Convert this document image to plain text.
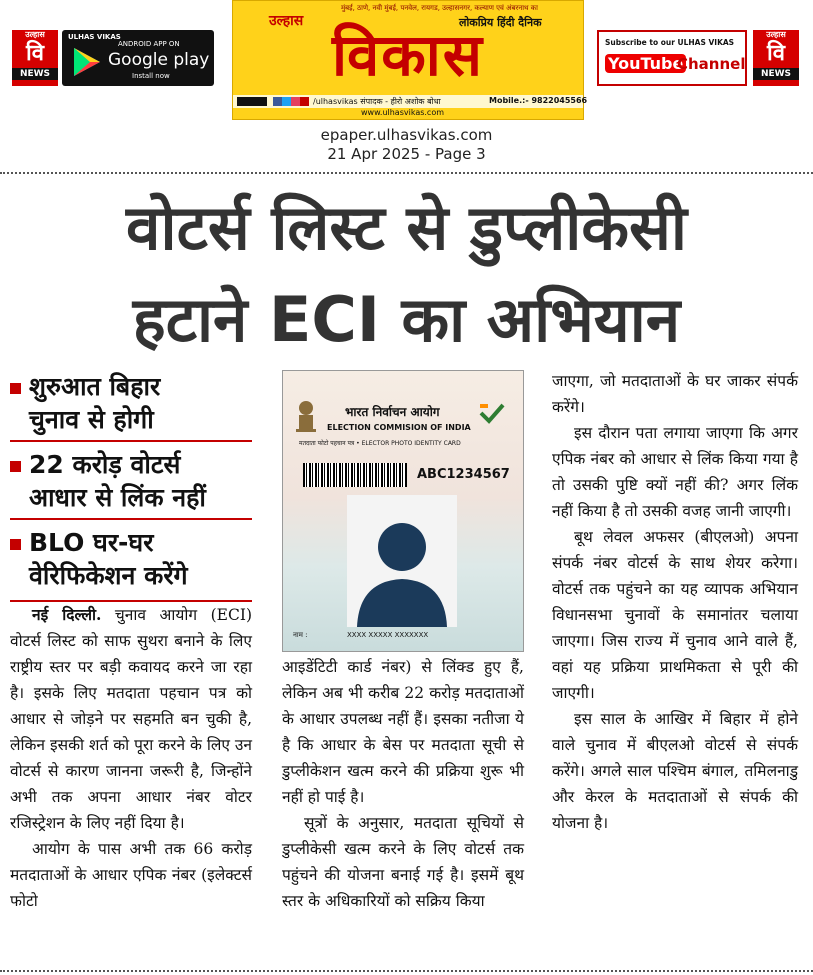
उल्हास
वि
NEWS
ULHAS VIKAS
ANDROID APP ON
Google play
Install now
मुंबई, ठाणे, नवी मुंबई, पनवेल, रायगड, उल्हासनगर, कल्याण एवं अंबरनाथ का
लोकप्रिय हिंदी दैनिक
उल्हास विकास
/ulhasvikas संपादक - हीरो अशोक बोधा	Mobile.:- 9822045566
www.ulhasvikas.com
Subscribe to our ULHAS VIKAS
YouTube
Channel
उल्हास
वि
NEWS
epaper.ulhasvikas.com
21 Apr 2025 - Page 3
वोटर्स लिस्ट से डुप्लीकेसी
हटाने ECI का अभियान
शुरुआत बिहार
चुनाव से होगी
22 करोड़ वोटर्स
आधार से लिंक नहीं
BLO घर-घर
वेरिफिकेशन करेंगे

नई दिल्ली. चुनाव आयोग (ECI) वोटर्स लिस्ट को साफ सुथरा बनाने के लिए राष्ट्रीय स्तर पर बड़ी कवायद करने जा रहा है। इसके लिए मतदाता पहचान पत्र को आधार से जोड़ने पर सहमति बन चुकी है, लेकिन इसकी शर्त को पूरा करने के लिए उन वोटर्स से कारण जानना जरूरी है, जिन्होंने अभी तक अपना आधार नंबर वोटर रजिस्ट्रेशन के लिए नहीं दिया है।

आयोग के पास अभी तक 66 करोड़ मतदाताओं के आधार एपिक नंबर (इलेक्टर्स फोटो

भारत निर्वाचन आयोग
ELECTION COMMISION OF INDIA
मतदाता फोटो पहचान पत्र • ELECTOR PHOTO IDENTITY CARD
ABC1234567
नाम :	XXXX XXXXX XXXXXXX

आइडेंटिटी कार्ड नंबर) से लिंक्ड हुए हैं, लेकिन अब भी करीब 22 करोड़ मतदाताओं के आधार उपलब्ध नहीं हैं। इसका नतीजा ये है कि आधार के बेस पर मतदाता सूची से डुप्लीकेशन खत्म करने की प्रक्रिया शुरू भी नहीं हो पाई है।

सूत्रों के अनुसार, मतदाता सूचियों से डुप्लीकेसी खत्म करने के लिए वोटर्स तक पहुंचने की योजना बनाई गई है। इसमें बूथ स्तर के अधिकारियों को सक्रिय किया

जाएगा, जो मतदाताओं के घर जाकर संपर्क करेंगे।

इस दौरान पता लगाया जाएगा कि अगर एपिक नंबर को आधार से लिंक किया गया है तो उसकी पुष्टि क्यों नहीं की? अगर लिंक नहीं किया है तो उसकी वजह जानी जाएगी।

बूथ लेवल अफसर (बीएलओ) अपना संपर्क नंबर वोटर्स के साथ शेयर करेगा। वोटर्स तक पहुंचने का यह व्यापक अभियान विधानसभा चुनावों के समानांतर चलाया जाएगा। जिस राज्य में चुनाव आने वाले हैं, वहां यह प्रक्रिया प्राथमिकता से पूरी की जाएगी।

इस साल के आखिर में बिहार में होने वाले चुनाव में बीएलओ वोटर्स से संपर्क करेंगे। अगले साल पश्चिम बंगाल, तमिलनाडु और केरल के मतदाताओं से संपर्क की योजना है।
